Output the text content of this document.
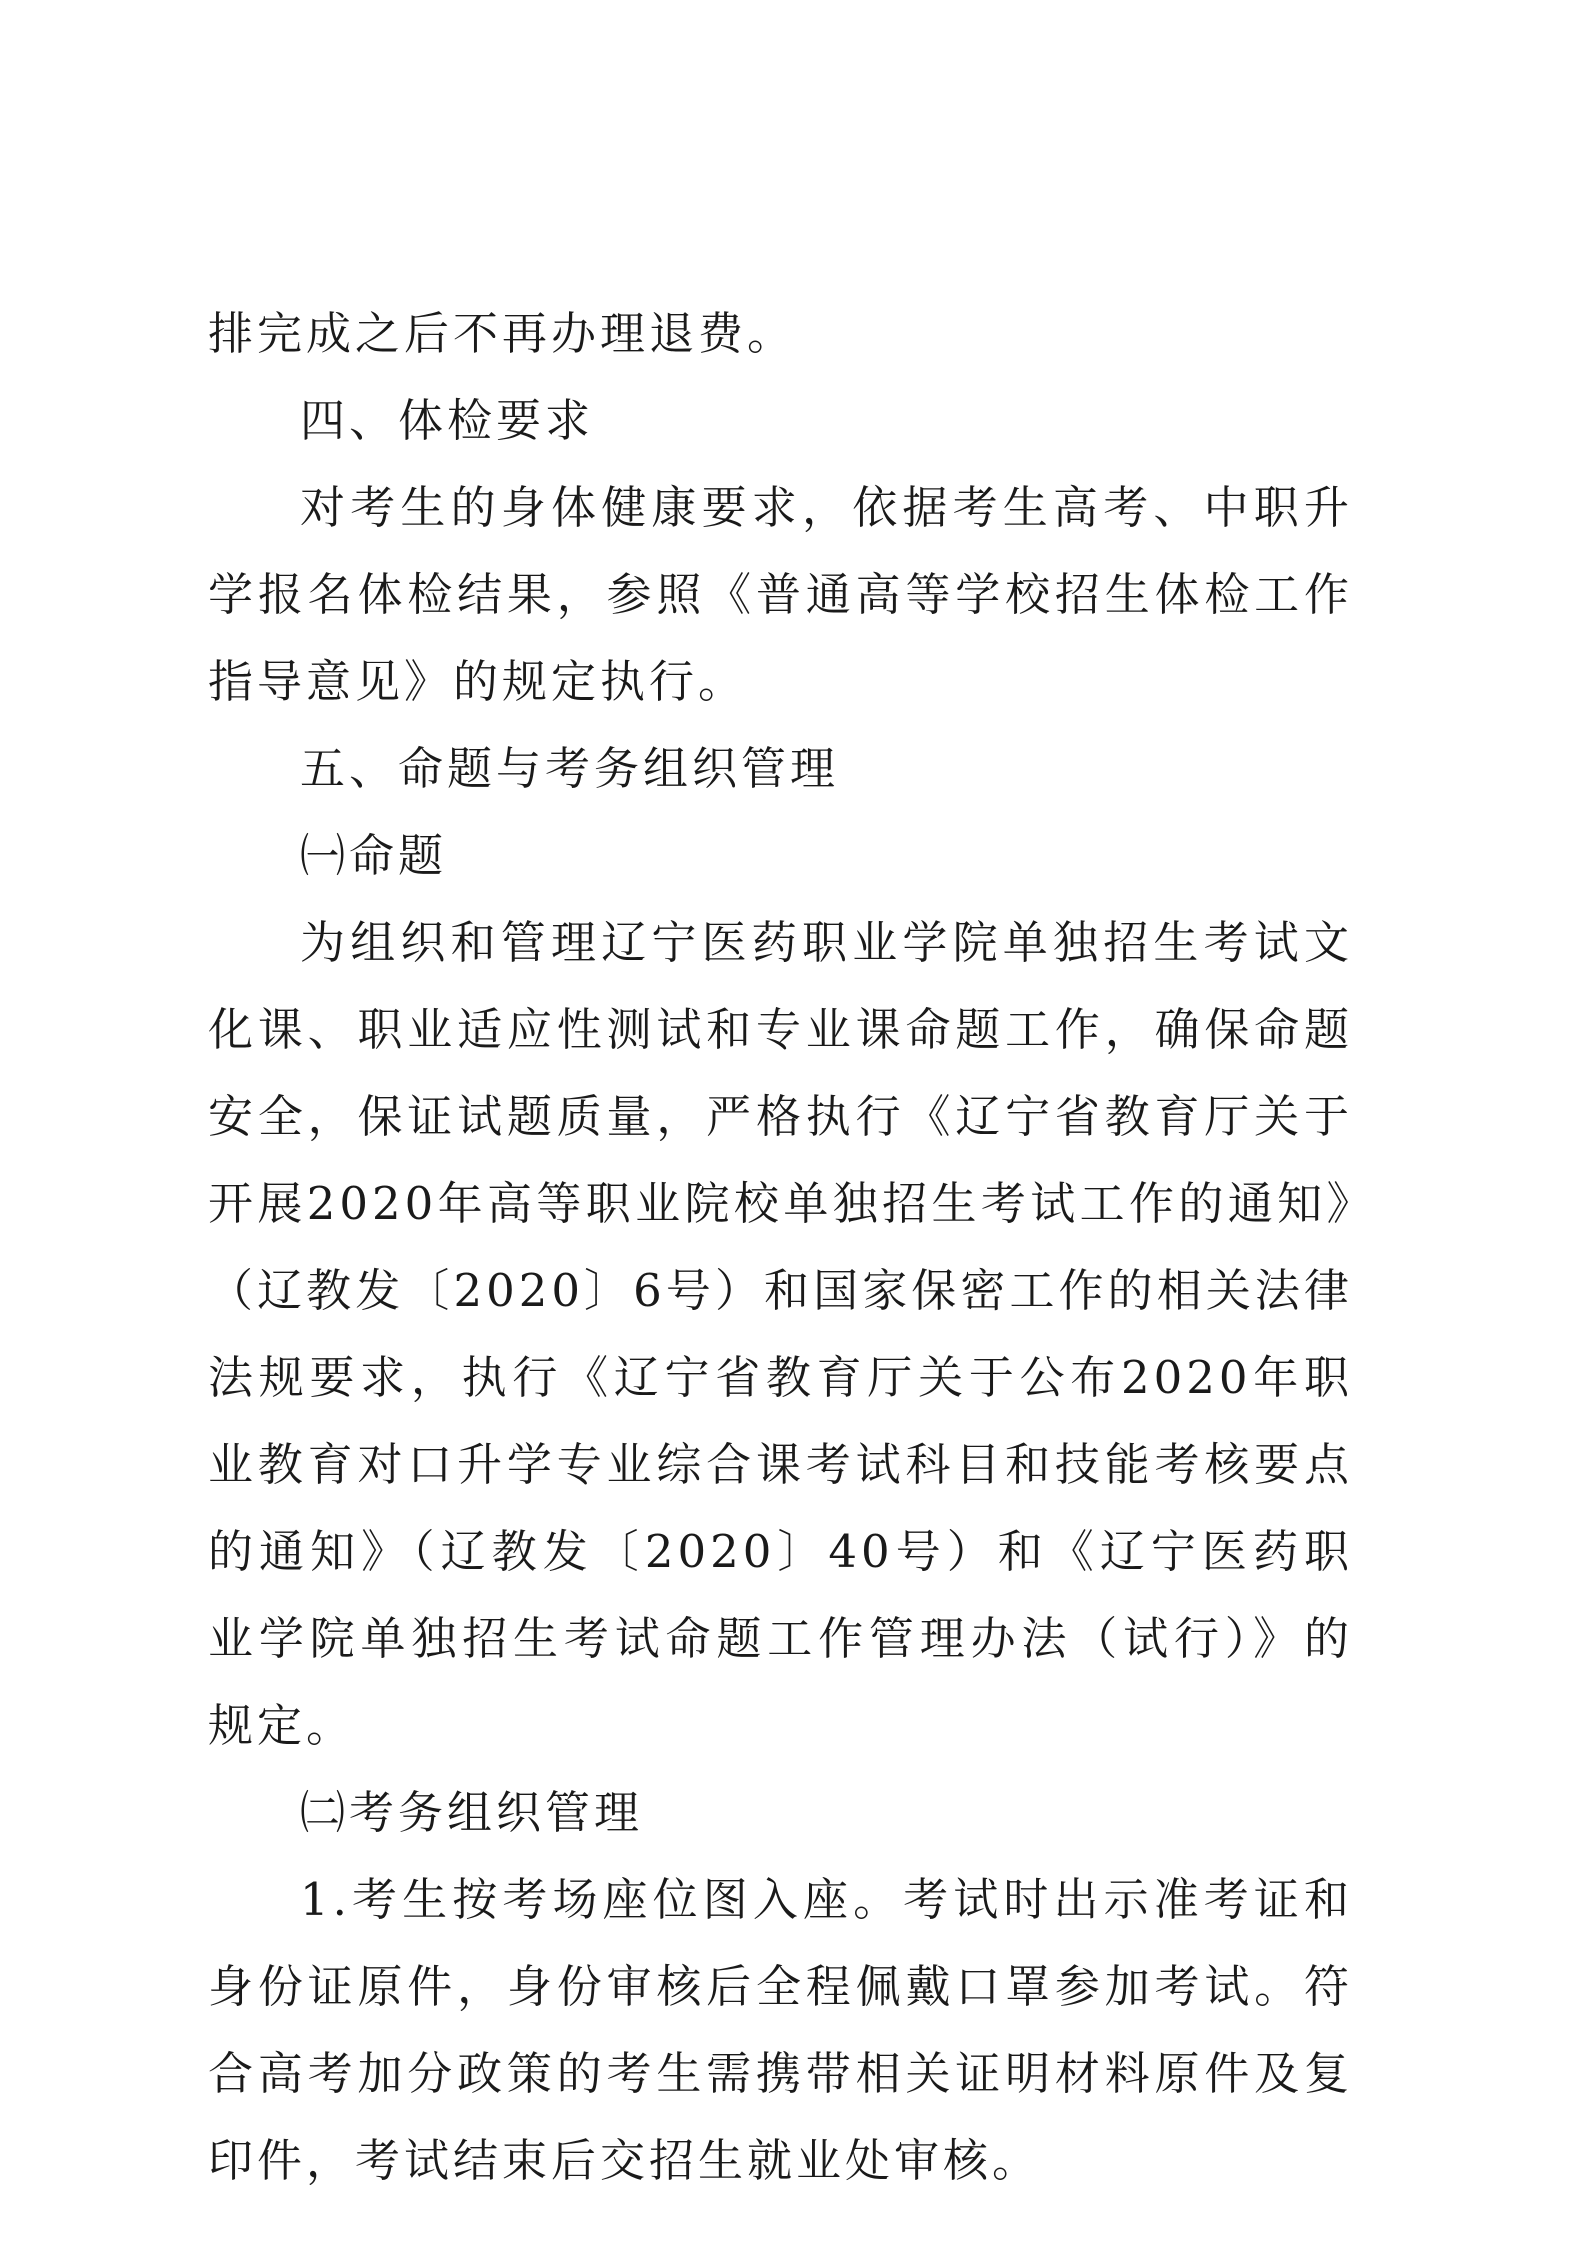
排完成之后不再办理退费。

四、体检要求

对考生的身体健康要求，依据考生高考、中职升学报名体检结果，参照《普通高等学校招生体检工作指导意见》的规定执行。

五、命题与考务组织管理

㈠命题

为组织和管理辽宁医药职业学院单独招生考试文化课、职业适应性测试和专业课命题工作，确保命题安全，保证试题质量，严格执行《辽宁省教育厅关于开展2020年高等职业院校单独招生考试工作的通知》（辽教发〔2020〕6号）和国家保密工作的相关法律法规要求，执行《辽宁省教育厅关于公布2020年职业教育对口升学专业综合课考试科目和技能考核要点的通知》（辽教发〔2020〕40号）和《辽宁医药职业学院单独招生考试命题工作管理办法（试行）》的规定。

㈡考务组织管理

1.考生按考场座位图入座。考试时出示准考证和身份证原件，身份审核后全程佩戴口罩参加考试。符合高考加分政策的考生需携带相关证明材料原件及复印件，考试结束后交招生就业处审核。
